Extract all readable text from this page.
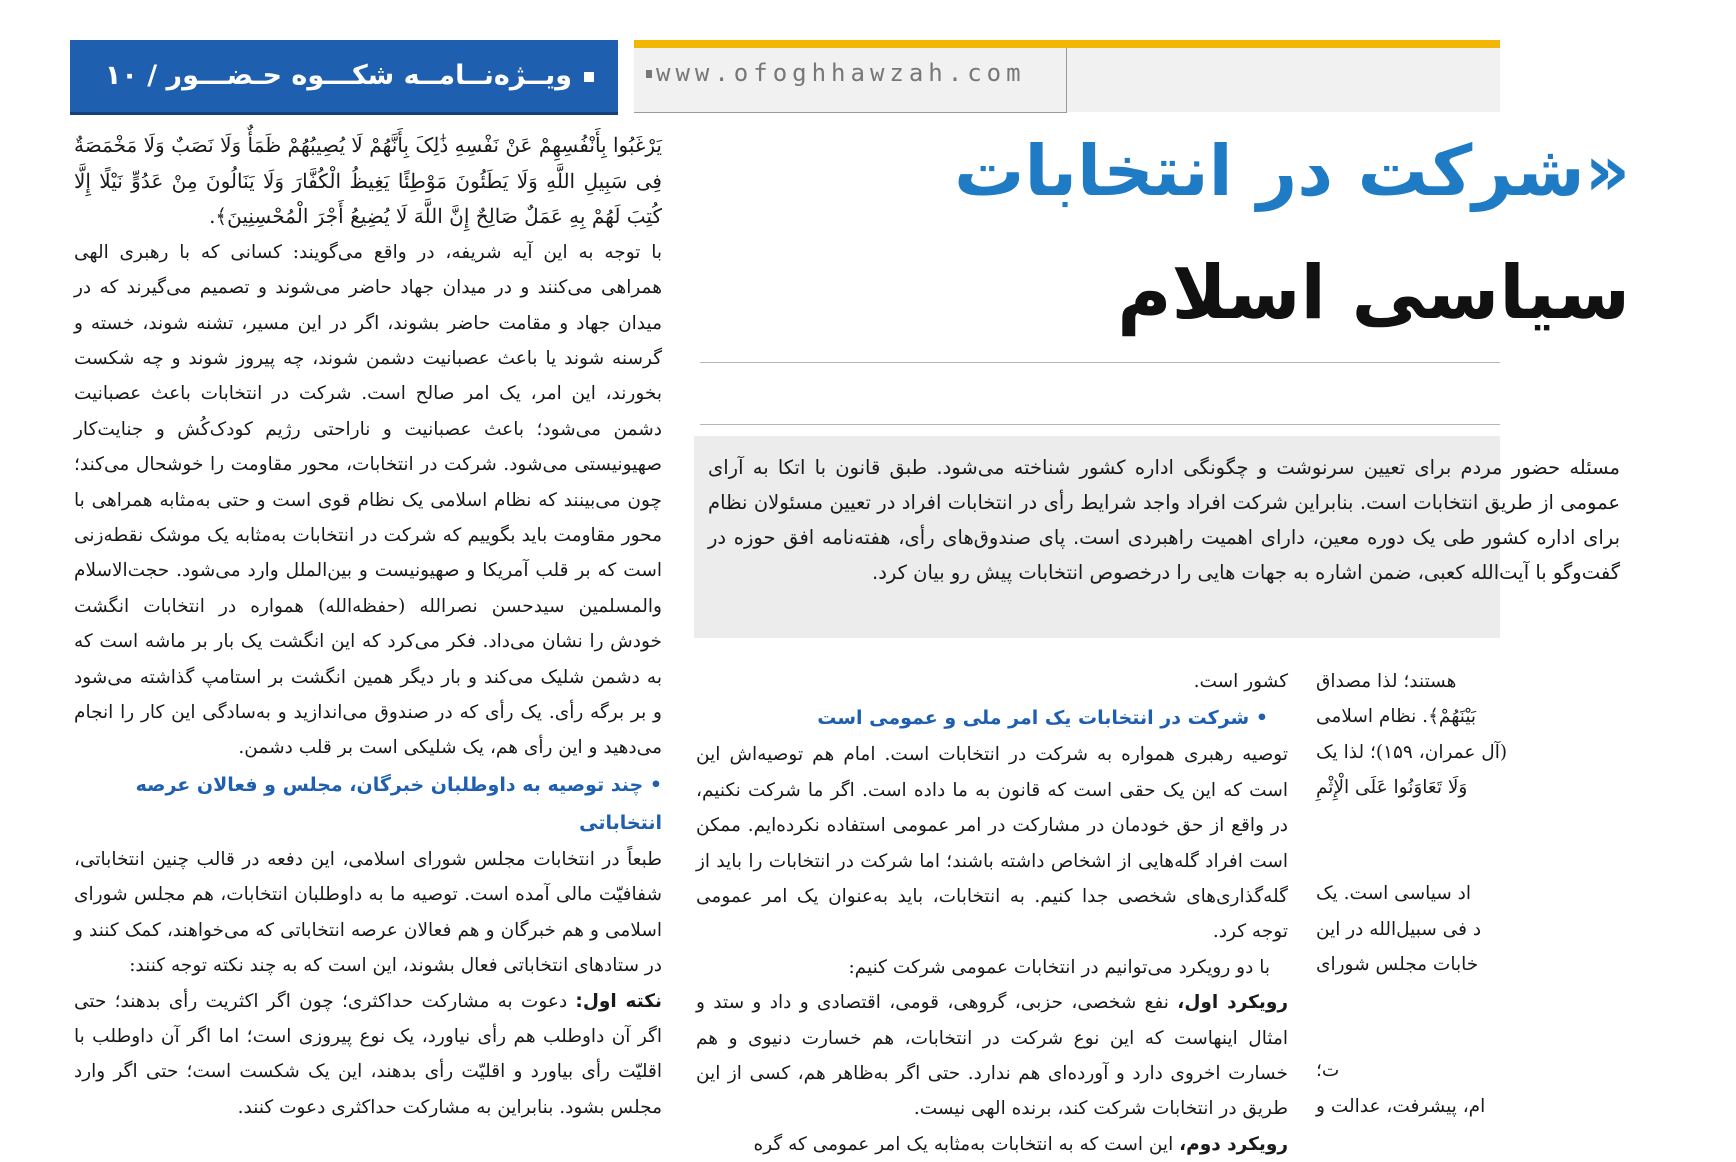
ویــژه‌نــامــه شکـــوه حـضـــور / ۱۰	www.ofoghhawzah.com
«شرکت در انتخابات
سیاسی اسلام
مسئله حضور مردم برای تعیین سرنوشت و چگونگی اداره کشور شناخته می‌شود. طبق قانون با اتکا به آرای عمومی از طریق انتخابات است. بنابراین شرکت افراد واجد شرایط رأی در انتخابات افراد در تعیین مسئولان نظام برای اداره کشور طی یک دوره معین، دارای اهمیت راهبردی است. پای صندوق‌های رأی، هفته‌نامه افق حوزه در گفت‌وگو با آیت‌الله کعبی، ضمن اشاره به جهات ‌هایی را درخصوص انتخابات پیش رو بیان کرد.

یَرْغَبُوا بِأَنْفُسِهِمْ عَنْ نَفْسِهِ ذَٰلِکَ بِأَنَّهُمْ لَا یُصِیبُهُمْ ظَمَأٌ وَلَا نَصَبٌ وَلَا مَخْمَصَةٌ فِی سَبِیلِ اللَّهِ وَلَا یَطَئُونَ مَوْطِئًا یَغِیظُ الْکُفَّارَ وَلَا یَنَالُونَ مِنْ عَدُوٍّ نَیْلًا إِلَّا کُتِبَ لَهُمْ بِهِ عَمَلٌ صَالِحٌ إِنَّ اللَّهَ لَا یُضِیعُ أَجْرَ الْمُحْسِنِینَ﴾.

با توجه به این آیه شریفه، در واقع می‌گویند: کسانی که با رهبری الهی همراهی می‌کنند و در میدان جهاد حاضر می‌شوند و تصمیم می‌گیرند که در میدان جهاد و مقامت حاضر بشوند، اگر در این مسیر، تشنه شوند، خسته و گرسنه شوند یا باعث عصبانیت دشمن شوند، چه پیروز شوند و چه شکست بخورند، این امر، یک امر صالح است. شرکت در انتخابات باعث عصبانیت دشمن می‌شود؛ باعث عصبانیت و ناراحتی رژیم کودک‌کُش و جنایت‌کار صهیونیستی می‌شود. شرکت در انتخابات، محور مقاومت را خوشحال می‌کند؛ چون می‌بینند که نظام اسلامی یک نظام قوی است و حتی به‌مثابه همراهی با محور مقاومت باید بگوییم که شرکت در انتخابات به‌مثابه یک موشک نقطه‌زنی است که بر قلب آمریکا و صهیونیست و بین‌الملل وارد می‌شود. حجت‌الاسلام والمسلمین سیدحسن نصرالله (حفظه‌الله) همواره در انتخابات انگشت خودش را نشان می‌داد. فکر می‌کرد که این انگشت یک بار بر ماشه است که به دشمن شلیک می‌کند و بار دیگر همین انگشت بر استامپ گذاشته می‌شود و بر برگه رأی. یک رأی که در صندوق می‌اندازید و به‌سادگی این کار را انجام می‌دهید و این رأی هم، یک شلیکی است بر قلب دشمن.

• چند توصیه به داوطلبان خبرگان، مجلس و فعالان عرصه انتخاباتی

طبعاً در انتخابات مجلس شورای اسلامی، این دفعه در قالب چنین انتخاباتی، شفافیّت مالی آمده است. توصیه ما به داوطلبان انتخابات، هم مجلس شورای اسلامی و هم خبرگان و هم فعالان عرصه انتخاباتی که می‌خواهند، کمک کنند و در ستادهای انتخاباتی فعال بشوند، این است که به چند نکته توجه کنند:

نکته اول: دعوت به مشارکت حداکثری؛ چون اگر اکثریت رأی بدهند؛ حتی اگر آن داوطلب هم رأی نیاورد، یک نوع پیروزی است؛ اما اگر آن داوطلب با اقلیّت رأی بیاورد و اقلیّت رأی بدهند، این یک شکست است؛ حتی اگر وارد مجلس بشود. بنابراین به مشارکت حداکثری دعوت کنند.

کشور است.

• شرکت در انتخابات یک امر ملی و عمومی است

توصیه رهبری همواره به شرکت در انتخابات است. امام هم توصیه‌اش این است که این یک حقی است که قانون به ما داده است. اگر ما شرکت نکنیم، در واقع از حق خودمان در مشارکت در امر عمومی استفاده نکرده‌ایم. ممکن است افراد گله‌هایی از اشخاص داشته باشند؛ اما شرکت در انتخابات را باید از گله‌گذاری‌های شخصی جدا کنیم. به انتخابات، باید به‌عنوان یک امر عمومی توجه کرد.

با دو رویکرد می‌توانیم در انتخابات عمومی شرکت کنیم:

رویکرد اول، نفع شخصی، حزبی، گروهی، قومی، اقتصادی و داد و ستد و امثال اینهاست که این نوع شرکت در انتخابات، هم خسارت دنیوی و هم خسارت اخروی دارد و آورده‌ای هم ندارد. حتی اگر به‌ظاهر هم، کسی از این طریق در انتخابات شرکت کند، برنده الهی نیست.

رویکرد دوم، این است که به انتخابات به‌مثابه یک امر عمومی که گره

هستند؛ لذا مصداق
بَیْنَهُمْ﴾. نظام اسلامی
(آل عمران، ۱۵۹)؛ لذا یک
وَلَا تَعَاوَنُوا عَلَی الْإِثْمِ
اد سیاسی است. یک
د فی سبیل‌الله در این
خابات مجلس شورای
ت؛
ام، پیشرفت، عدالت و
